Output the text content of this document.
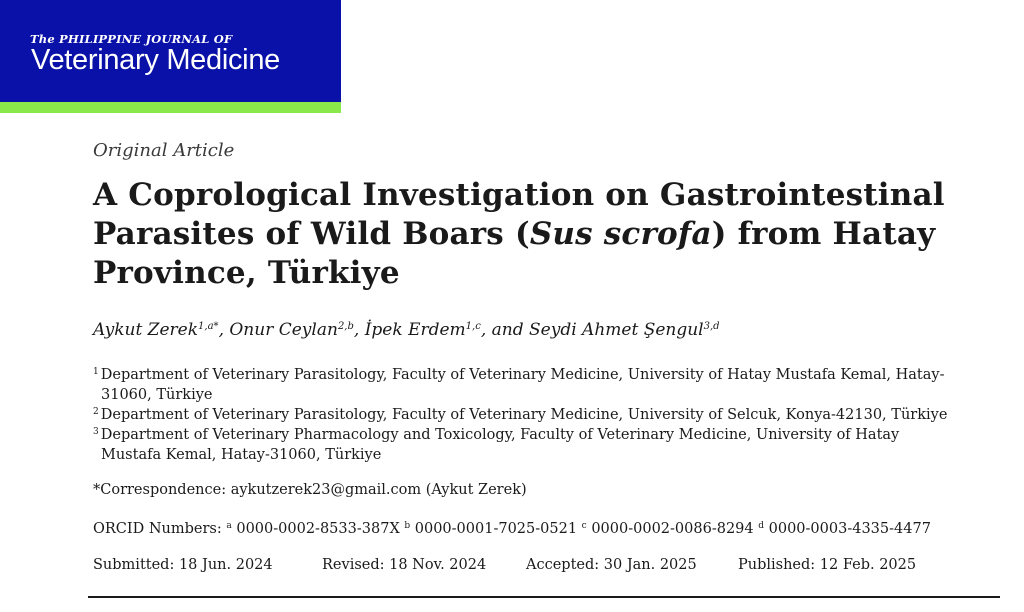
The PHILIPPINE JOURNAL OF
Veterinary Medicine
Original Article
A Coprological Investigation on Gastrointestinal Parasites of Wild Boars (Sus scrofa) from Hatay Province, Türkiye
Aykut Zerek$^{1,a*}$, Onur Ceylan$^{2,b}$, İpek Erdem$^{1,c}$, and Seydi Ahmet Şengul$^{3,d}$
$^1$ Department of Veterinary Parasitology, Faculty of Veterinary Medicine, University of Hatay Mustafa Kemal, Hatay-
31060, Türkiye
$^2$ Department of Veterinary Parasitology, Faculty of Veterinary Medicine, University of Selcuk, Konya-42130, Türkiye
$^3$ Department of Veterinary Pharmacology and Toxicology, Faculty of Veterinary Medicine, University of Hatay
Mustafa Kemal, Hatay-31060, Türkiye
*Correspondence: aykutzerek23@gmail.com (Aykut Zerek)
ORCID Numbers: $^a$ 0000-0002-8533-387X $^b$ 0000-0001-7025-0521 $^c$ 0000-0002-0086-8294 $^d$ 0000-0003-4335-4477
Submitted: 18 Jun. 2024	Revised: 18 Nov. 2024	Accepted: 30 Jan. 2025	Published: 12 Feb. 2025
